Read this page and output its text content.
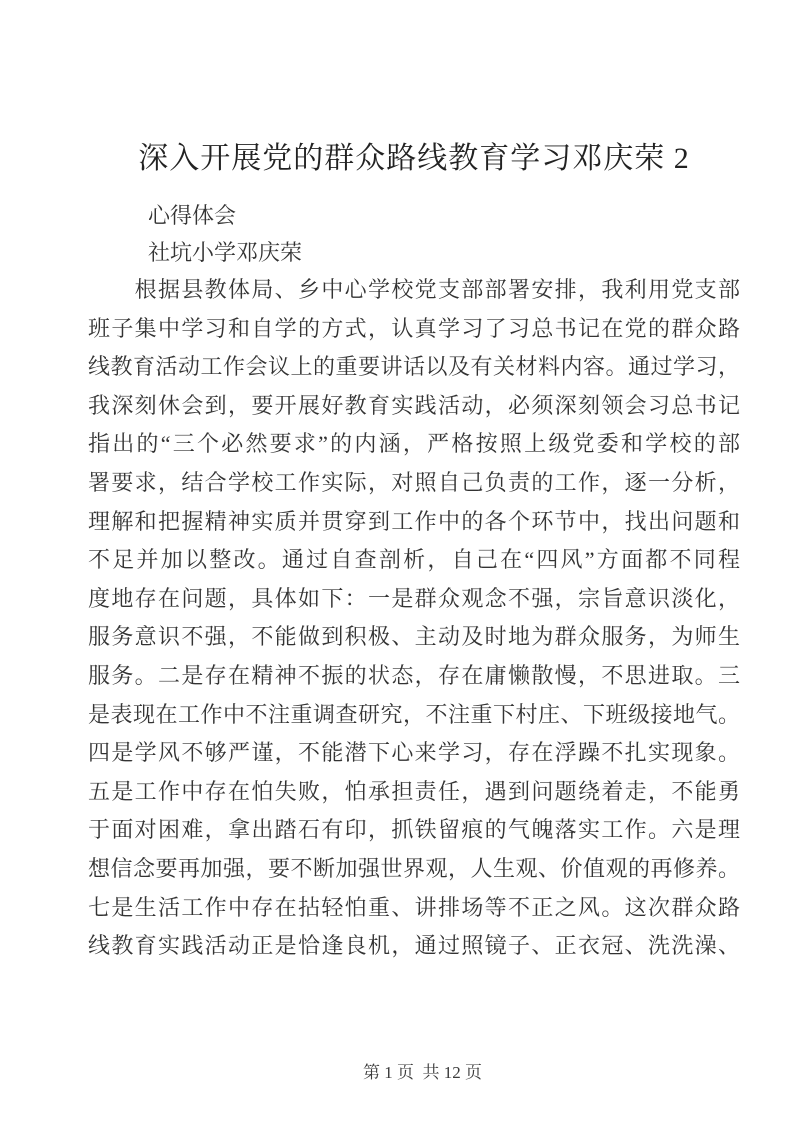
深入开展党的群众路线教育学习邓庆荣 2
心得体会
社坑小学邓庆荣
　　根据县教体局、乡中心学校党支部部署安排，我利用党支部
班子集中学习和自学的方式，认真学习了习总书记在党的群众路
线教育活动工作会议上的重要讲话以及有关材料内容。通过学习，
我深刻休会到，要开展好教育实践活动，必须深刻领会习总书记
指出的“三个必然要求”的内涵，严格按照上级党委和学校的部
署要求，结合学校工作实际，对照自己负责的工作，逐一分析，
理解和把握精神实质并贯穿到工作中的各个环节中，找出问题和
不足并加以整改。通过自查剖析，自己在“四风”方面都不同程
度地存在问题，具体如下：一是群众观念不强，宗旨意识淡化，
服务意识不强，不能做到积极、主动及时地为群众服务，为师生
服务。二是存在精神不振的状态，存在庸懒散慢，不思进取。三
是表现在工作中不注重调查研究，不注重下村庄、下班级接地气。
四是学风不够严谨，不能潜下心来学习，存在浮躁不扎实现象。
五是工作中存在怕失败，怕承担责任，遇到问题绕着走，不能勇
于面对困难，拿出踏石有印，抓铁留痕的气魄落实工作。六是理
想信念要再加强，要不断加强世界观，人生观、价值观的再修养。
七是生活工作中存在拈轻怕重、讲排场等不正之风。这次群众路
线教育实践活动正是恰逢良机，通过照镜子、正衣冠、洗洗澡、

第 1 页  共 12 页
